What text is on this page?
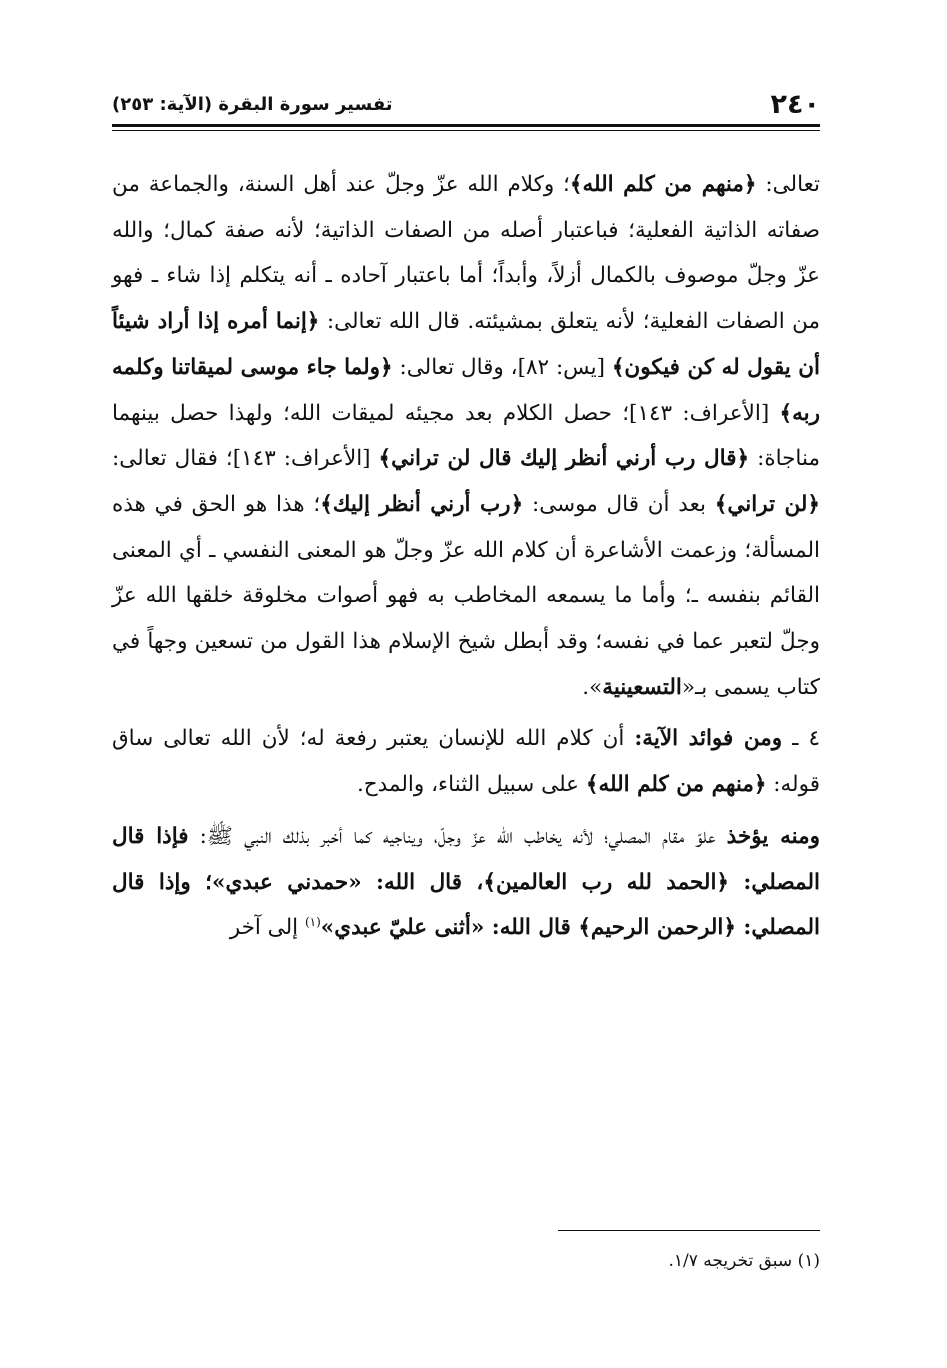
٢٤٠
تفسير سورة البقرة (الآية: ٢٥٣)

تعالى: ﴿منهم من كلم الله﴾؛ وكلام الله عزّ وجلّ عند أهل السنة، والجماعة من صفاته الذاتية الفعلية؛ فباعتبار أصله من الصفات الذاتية؛ لأنه صفة كمال؛ والله عزّ وجلّ موصوف بالكمال أزلاً، وأبداً؛ أما باعتبار آحاده ـ أنه يتكلم إذا شاء ـ فهو من الصفات الفعلية؛ لأنه يتعلق بمشيئته. قال الله تعالى: ﴿إنما أمره إذا أراد شيئاً أن يقول له كن فيكون﴾ [يس: ٨٢]، وقال تعالى: ﴿ولما جاء موسى لميقاتنا وكلمه ربه﴾ [الأعراف: ١٤٣]؛ حصل الكلام بعد مجيئه لميقات الله؛ ولهذا حصل بينهما مناجاة: ﴿قال رب أرني أنظر إليك قال لن تراني﴾ [الأعراف: ١٤٣]؛ فقال تعالى: ﴿لن تراني﴾ بعد أن قال موسى: ﴿رب أرني أنظر إليك﴾؛ هذا هو الحق في هذه المسألة؛ وزعمت الأشاعرة أن كلام الله عزّ وجلّ هو المعنى النفسي ـ أي المعنى القائم بنفسه ـ؛ وأما ما يسمعه المخاطب به فهو أصوات مخلوقة خلقها الله عزّ وجلّ لتعبر عما في نفسه؛ وقد أبطل شيخ الإسلام هذا القول من تسعين وجهاً في كتاب يسمى بـ«التسعينية».

٤ ـ ومن فوائد الآية: أن كلام الله للإنسان يعتبر رفعة له؛ لأن الله تعالى ساق قوله: ﴿منهم من كلم الله﴾ على سبيل الثناء، والمدح.

ومنه يؤخذ علوّ مقام المصلي؛ لأنه يخاطب الله عزّ وجلّ، ويناجيه كما أخبر بذلك النبي ﷺ: فإذا قال المصلي: ﴿الحمد لله رب العالمين﴾، قال الله: «حمدني عبدي»؛ وإذا قال المصلي: ﴿الرحمن الرحيم﴾ قال الله: «أثنى عليّ عبدي»$^{(١)}$ إلى آخر

(١) سبق تخريجه ١/٧.
